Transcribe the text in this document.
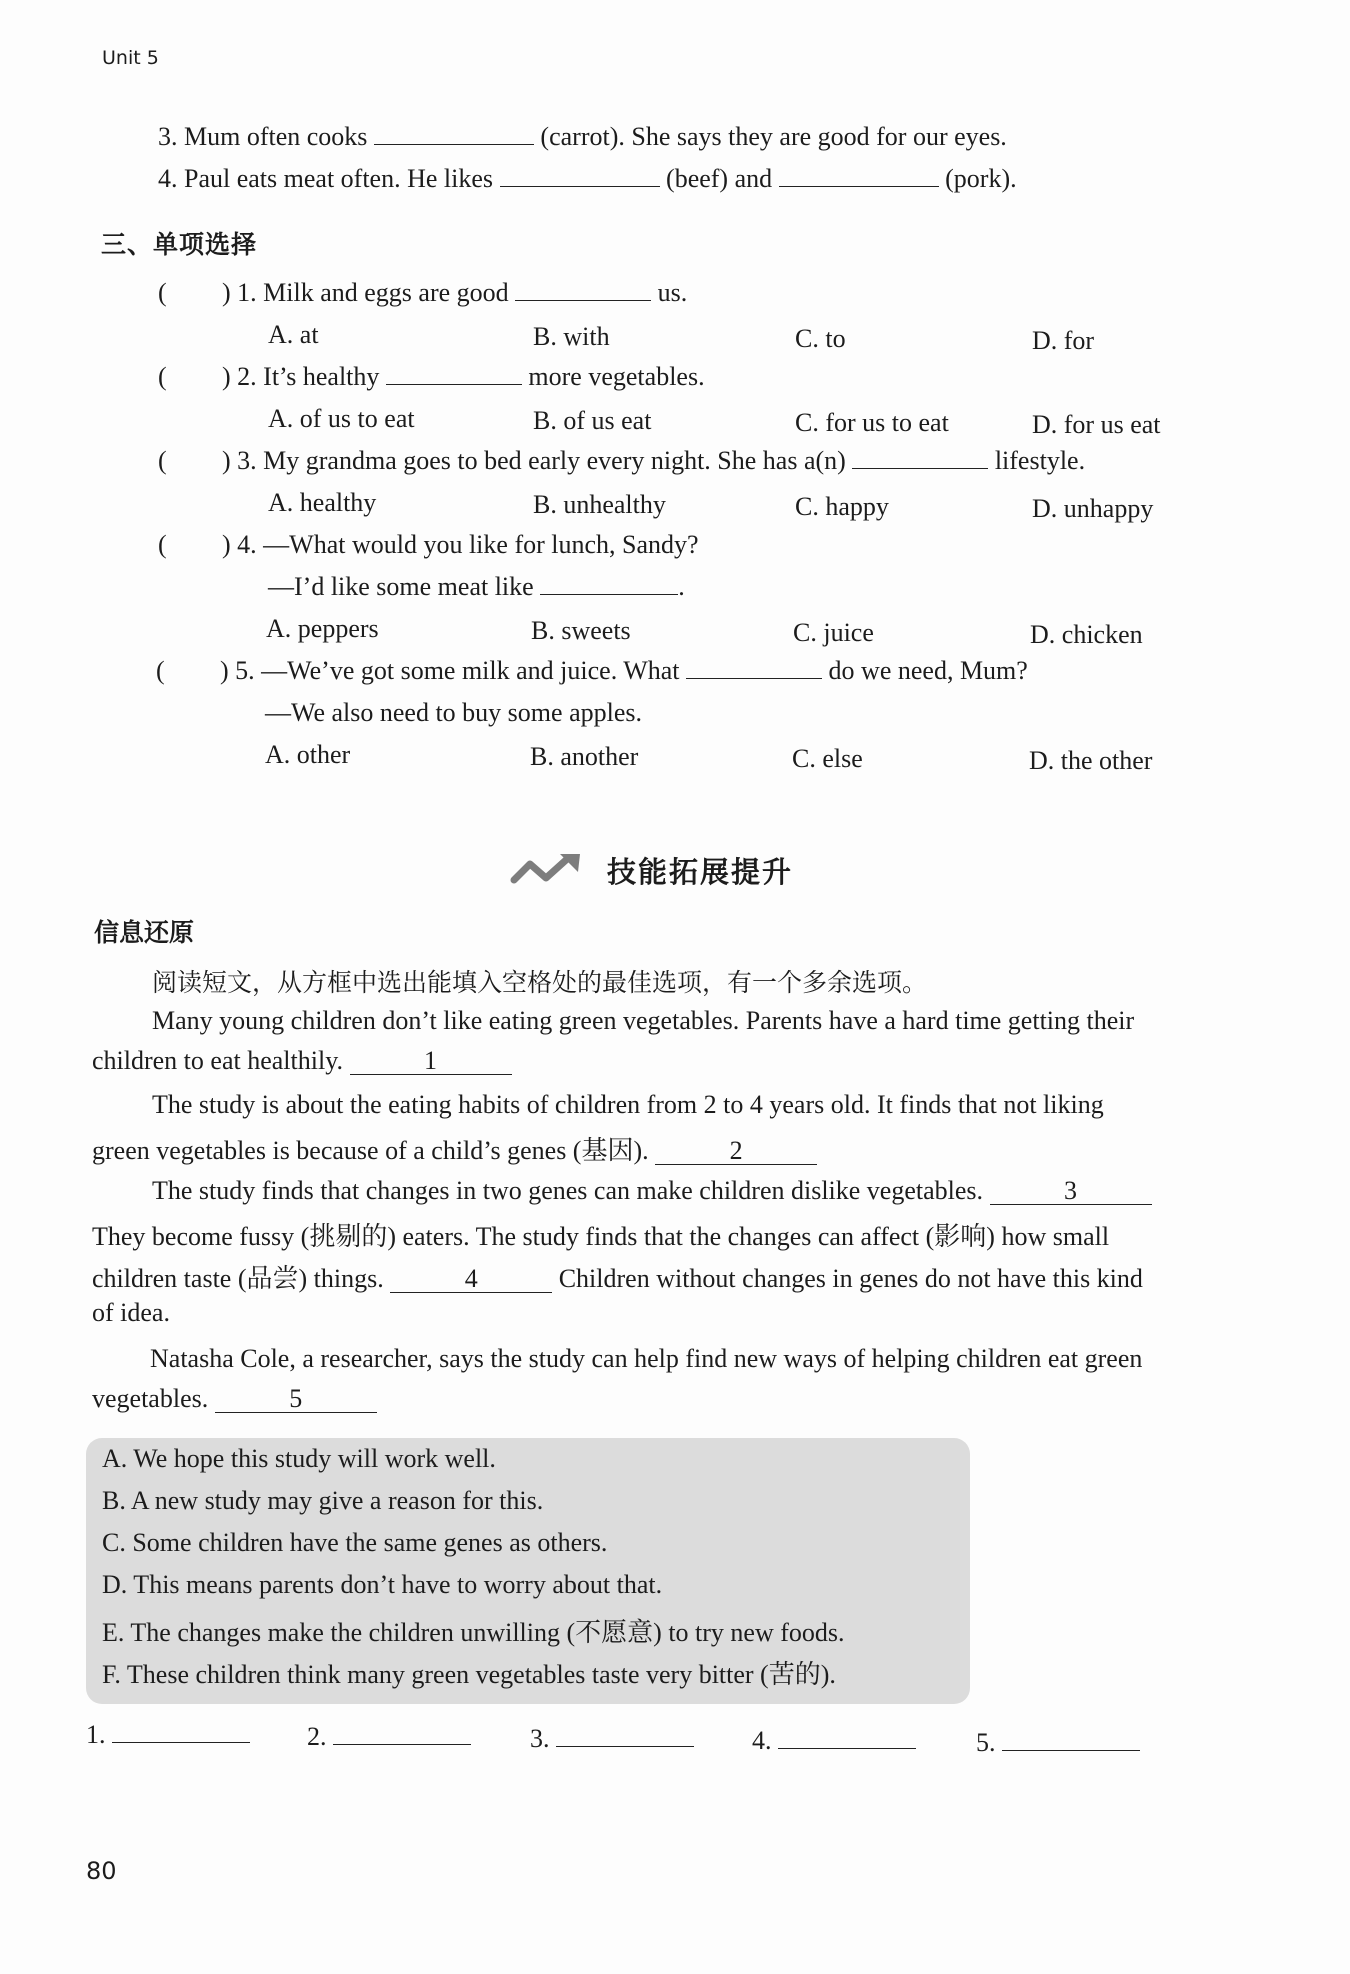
Unit 5
3. Mum often cooks	(carrot). She says they are good for our eyes.
4. Paul eats meat often. He likes	(beef) and	(pork).
三、单项选择
( ) 1. Milk and eggs are good	us.
A. at	B. with	C. to	D. for
( ) 2. It’s healthy	more vegetables.
A. of us to eat	B. of us eat	C. for us to eat	D. for us eat
( ) 3. My grandma goes to bed early every night. She has a(n)	lifestyle.
A. healthy	B. unhealthy	C. happy	D. unhappy
( ) 4. —What would you like for lunch, Sandy?
—I’d like some meat like	.
A. peppers	B. sweets	C. juice	D. chicken
( ) 5. —We’ve got some milk and juice. What	do we need, Mum?
—We also need to buy some apples.
A. other	B. another	C. else	D. the other
技能拓展提升
信息还原
阅读短文，从方框中选出能填入空格处的最佳选项，有一个多余选项。
Many young children don’t like eating green vegetables. Parents have a hard time getting their
children to eat healthily.	1
The study is about the eating habits of children from 2 to 4 years old. It finds that not liking
green vegetables is because of a child’s genes (基因).	2
The study finds that changes in two genes can make children dislike vegetables.	3
They become fussy (挑剔的) eaters. The study finds that the changes can affect (影响) how small
children taste (品尝) things.	4	Children without changes in genes do not have this kind
of idea.
Natasha Cole, a researcher, says the study can help find new ways of helping children eat green
vegetables.	5
A. We hope this study will work well.
B. A new study may give a reason for this.
C. Some children have the same genes as others.
D. This means parents don’t have to worry about that.
E. The changes make the children unwilling (不愿意) to try new foods.
F. These children think many green vegetables taste very bitter (苦的).
1.	2.	3.	4.	5.
80
